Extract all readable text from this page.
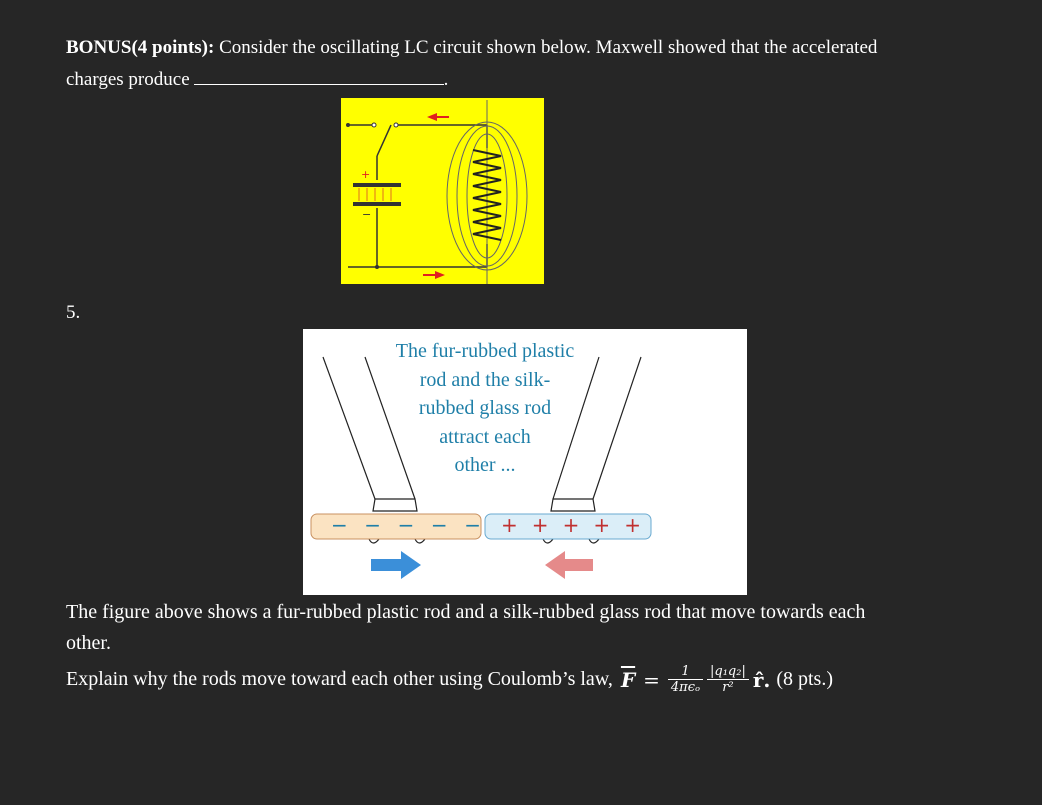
BONUS(4 points): Consider the oscillating LC circuit shown below. Maxwell showed that the accelerated
charges produce	.
+
−
5.
The fur-rubbed plastic
rod and the silk-
rubbed glass rod
attract each
other ...
− − − − − + + + + +
The figure above shows a fur-rubbed plastic rod and a silk-rubbed glass rod that move towards each
other.
Explain why the rods move toward each other using Coulomb’s law, $\overline{F} = \frac{1}{\text{4πϵₒ}} \frac{\text{|q₁q₂|}}{\text{r²}}$ r̂. (8 pts.)
